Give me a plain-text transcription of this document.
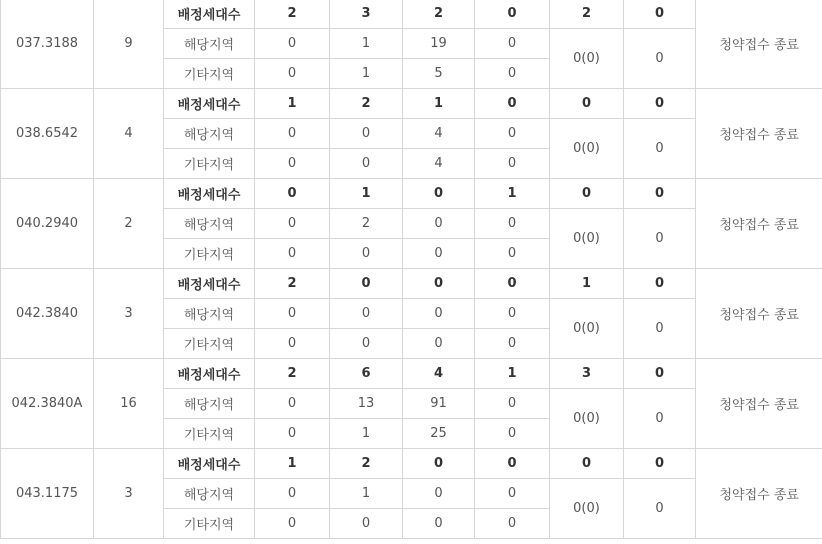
037.3188	9	배정세대수	2	3	2	0	2	0	청약접수 종료
		해당지역	0	1	19	0	0(0)	0	
		기타지역	0	1	5	0			
038.6542	4	배정세대수	1	2	1	0	0	0	청약접수 종료
		해당지역	0	0	4	0	0(0)	0	
		기타지역	0	0	4	0			
040.2940	2	배정세대수	0	1	0	1	0	0	청약접수 종료
		해당지역	0	2	0	0	0(0)	0	
		기타지역	0	0	0	0			
042.3840	3	배정세대수	2	0	0	0	1	0	청약접수 종료
		해당지역	0	0	0	0	0(0)	0	
		기타지역	0	0	0	0			
042.3840A	16	배정세대수	2	6	4	1	3	0	청약접수 종료
		해당지역	0	13	91	0	0(0)	0	
		기타지역	0	1	25	0			
043.1175	3	배정세대수	1	2	0	0	0	0	청약접수 종료
		해당지역	0	1	0	0	0(0)	0	
		기타지역	0	0	0	0			
